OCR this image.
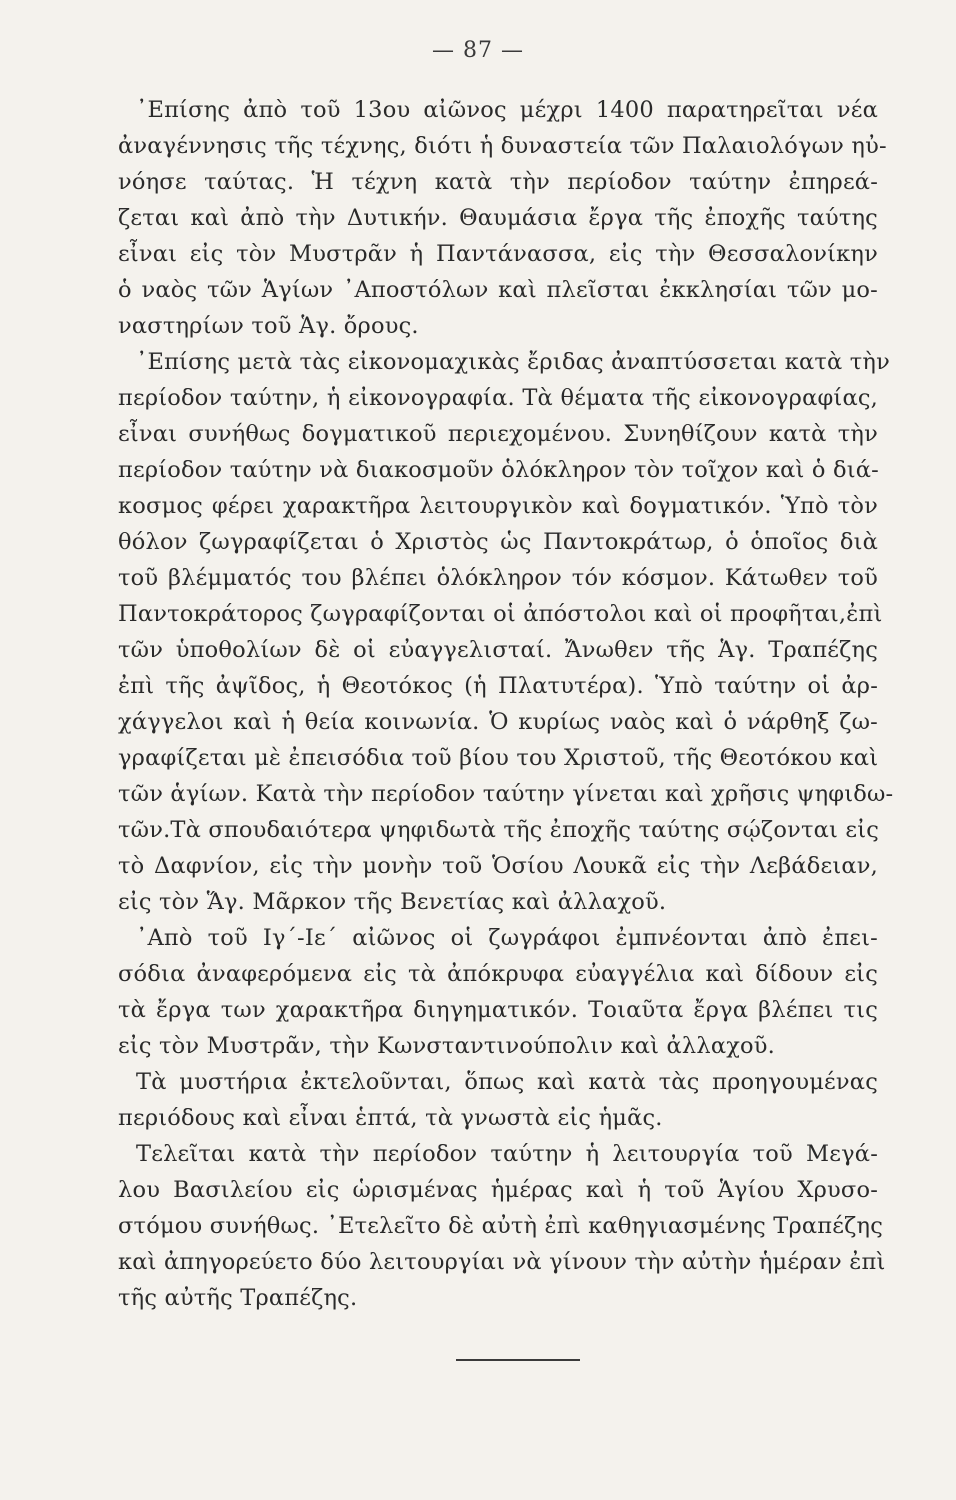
— 87 —
᾿Επίσης ἀπὸ τοῦ 13ου αἰῶνος μέχρι 1400 παρατηρεῖται νέα
ἀναγέννησις τῆς τέχνης, διότι ἡ δυναστεία τῶν Παλαιολόγων ηὐ-
νόησε ταύτας. Ἡ τέχνη κατὰ τὴν περίοδον ταύτην ἐπηρεά-
ζεται καὶ ἀπὸ τὴν Δυτικήν. Θαυμάσια ἔργα τῆς ἐποχῆς ταύτης
εἶναι εἰς τὸν Μυστρᾶν ἡ Παντάνασσα, εἰς τὴν Θεσσαλονίκην
ὁ ναὸς τῶν Ἁγίων ᾿Αποστόλων καὶ πλεῖσται ἐκκλησίαι τῶν μο-
ναστηρίων τοῦ Ἁγ. ὄρους.
᾿Επίσης μετὰ τὰς εἰκονομαχικὰς ἔριδας ἀναπτύσσεται κατὰ τὴν
περίοδον ταύτην, ἡ εἰκονογραφία. Τὰ θέματα τῆς εἰκονογραφίας,
εἶναι συνήθως δογματικοῦ περιεχομένου. Συνηθίζουν κατὰ τὴν
περίοδον ταύτην νὰ διακοσμοῦν ὁλόκληρον τὸν τοῖχον καὶ ὁ διά-
κοσμος φέρει χαρακτῆρα λειτουργικὸν καὶ δογματικόν. Ὑπὸ τὸν
θόλον ζωγραφίζεται ὁ Χριστὸς ὡς Παντοκράτωρ, ὁ ὁποῖος διὰ
τοῦ βλέμματός του βλέπει ὁλόκληρον τόν κόσμον. Κάτωθεν τοῦ
Παντοκράτορος ζωγραφίζονται οἱ ἀπόστολοι καὶ οἱ προφῆται,ἐπὶ
τῶν ὑποθολίων δὲ οἱ εὐαγγελισταί. Ἄνωθεν τῆς Ἁγ. Τραπέζης
ἐπὶ τῆς ἀψῖδος, ἡ Θεοτόκος (ἡ Πλατυτέρα). Ὑπὸ ταύτην οἱ ἀρ-
χάγγελοι καὶ ἡ θεία κοινωνία. Ὁ κυρίως ναὸς καὶ ὁ νάρθηξ ζω-
γραφίζεται μὲ ἐπεισόδια τοῦ βίου του Χριστοῦ, τῆς Θεοτόκου καὶ
τῶν ἁγίων. Κατὰ τὴν περίοδον ταύτην γίνεται καὶ χρῆσις ψηφιδω-
τῶν.Τὰ σπουδαιότερα ψηφιδωτὰ τῆς ἐποχῆς ταύτης σῴζονται εἰς
τὸ Δαφνίον, εἰς τὴν μονὴν τοῦ Ὁσίου Λουκᾶ εἰς τὴν Λεβάδειαν,
εἰς τὸν Ἅγ. Μᾶρκον τῆς Βενετίας καὶ ἀλλαχοῦ.
᾿Απὸ τοῦ Ιγ΄-Ιε΄ αἰῶνος οἱ ζωγράφοι ἐμπνέονται ἀπὸ ἐπει-
σόδια ἀναφερόμενα εἰς τὰ ἀπόκρυφα εὐαγγέλια καὶ δίδουν εἰς
τὰ ἔργα των χαρακτῆρα διηγηματικόν. Τοιαῦτα ἔργα βλέπει τις
εἰς τὸν Μυστρᾶν, τὴν Κωνσταντινούπολιν καὶ ἀλλαχοῦ.
Τὰ μυστήρια ἐκτελοῦνται, ὅπως καὶ κατὰ τὰς προηγουμένας
περιόδους καὶ εἶναι ἑπτά, τὰ γνωστὰ εἰς ἡμᾶς.
Τελεῖται κατὰ τὴν περίοδον ταύτην ἡ λειτουργία τοῦ Μεγά-
λου Βασιλείου εἰς ὡρισμένας ἡμέρας καὶ ἡ τοῦ Ἁγίου Χρυσο-
στόμου συνήθως. ᾿Ετελεῖτο δὲ αὐτὴ ἐπὶ καθηγιασμένης Τραπέζης
καὶ ἀπηγορεύετο δύο λειτουργίαι νὰ γίνουν τὴν αὐτὴν ἡμέραν ἐπὶ
τῆς αὐτῆς Τραπέζης.
